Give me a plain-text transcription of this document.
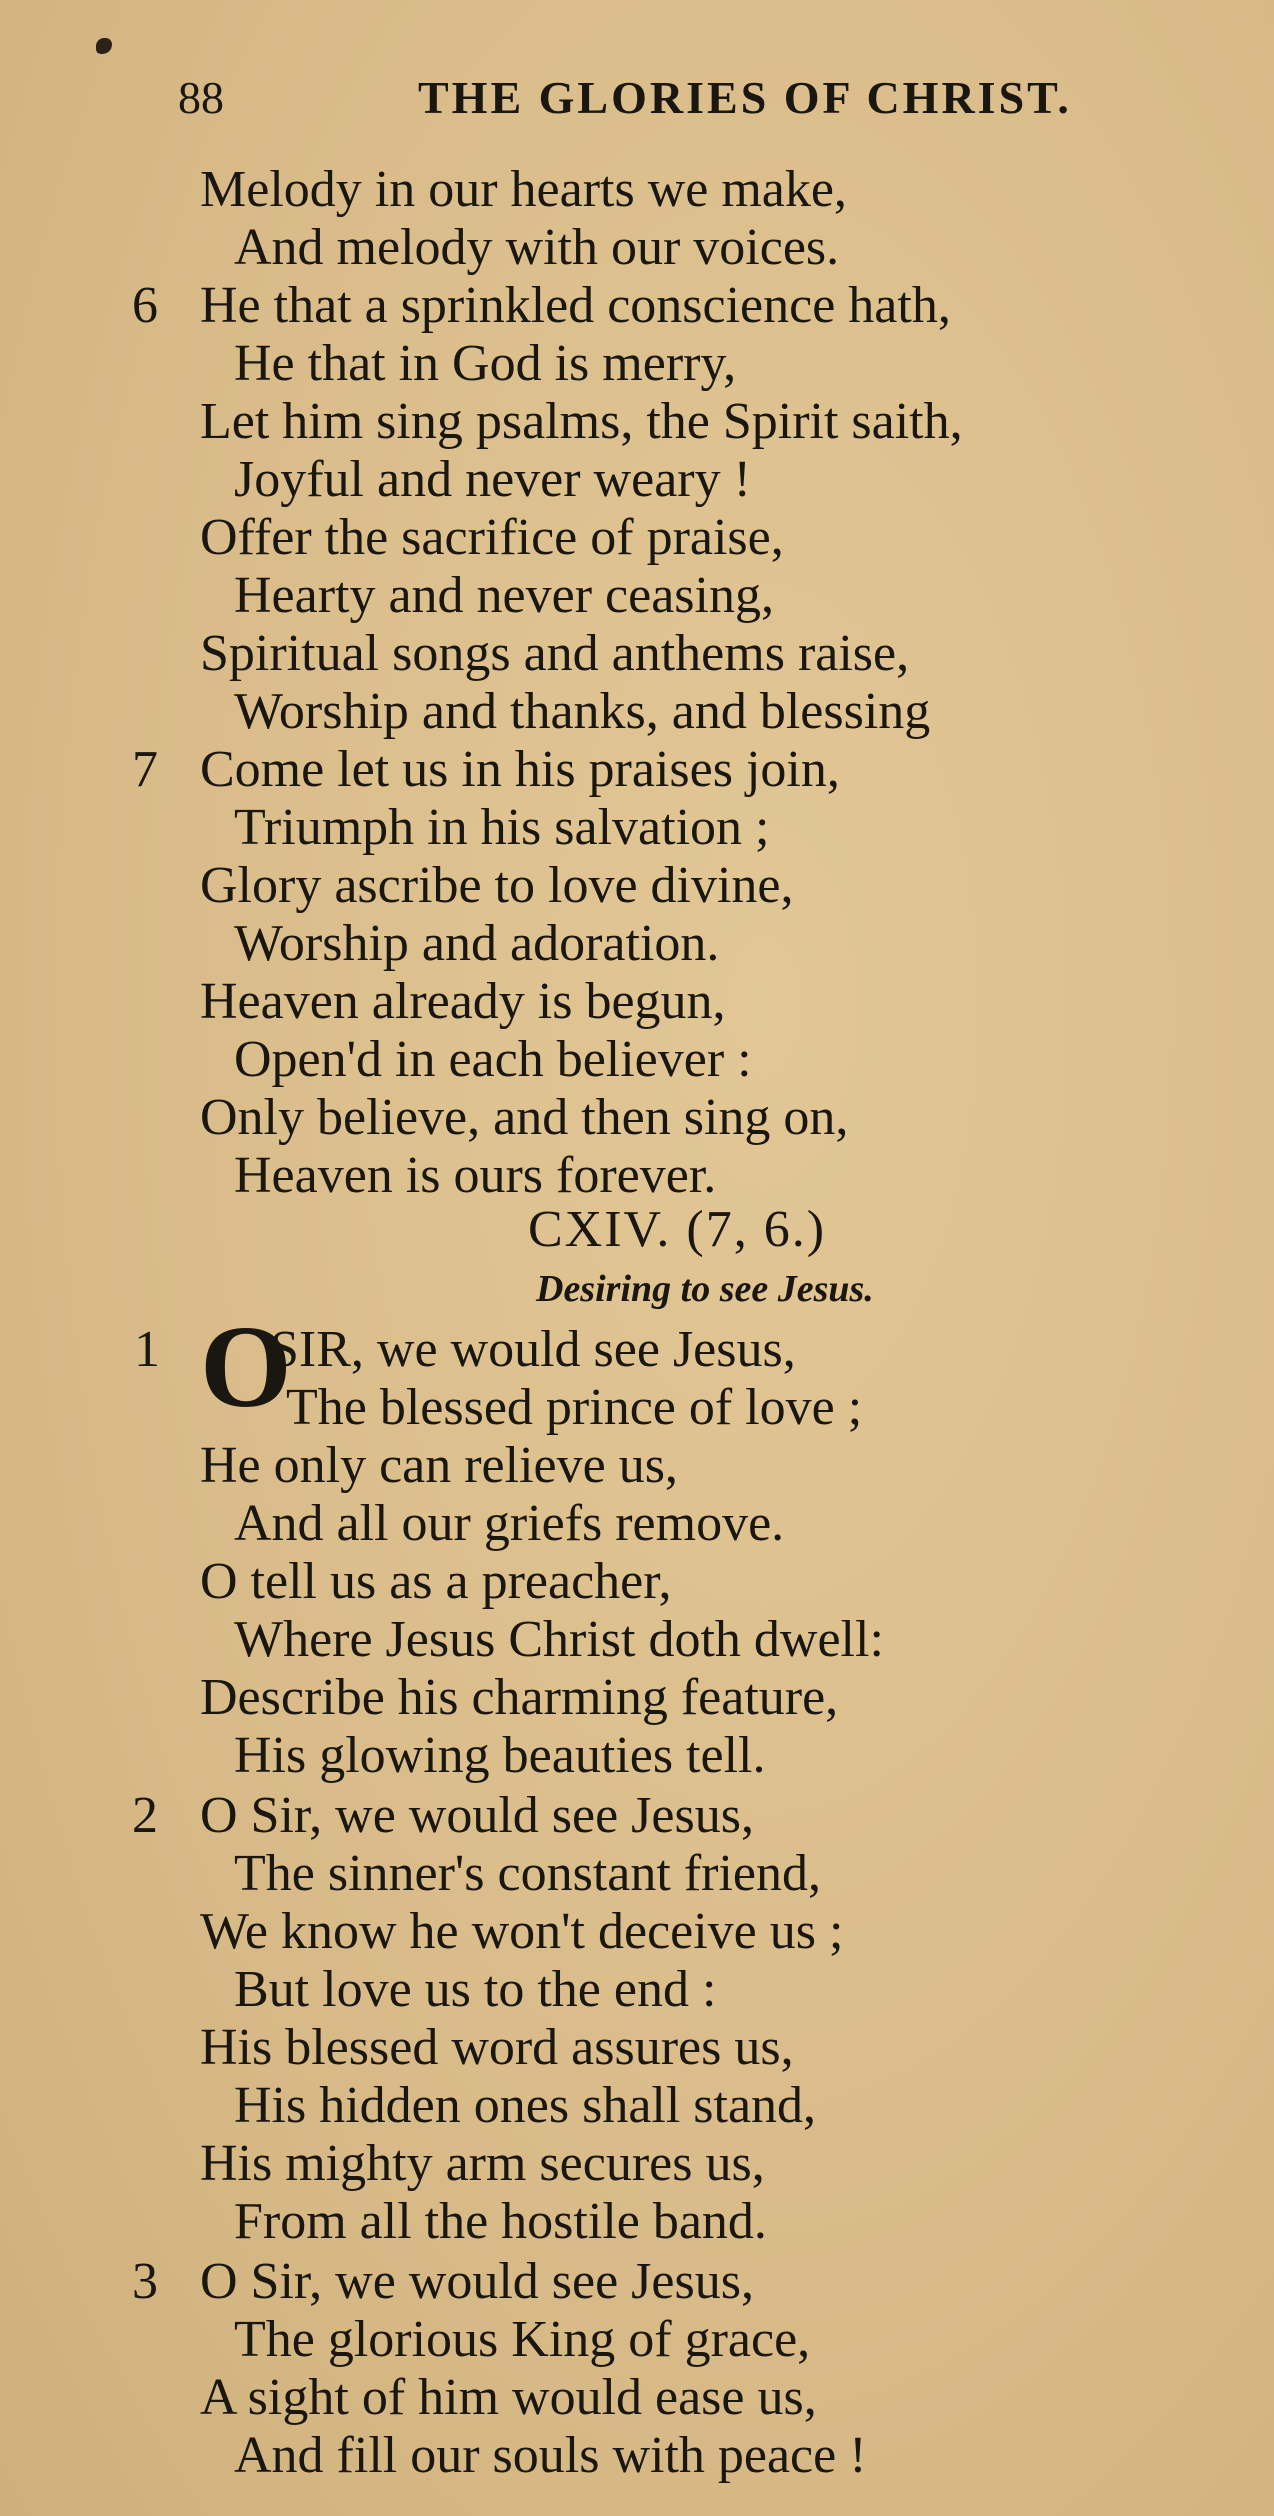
88	THE GLORIES OF CHRIST.
Melody in our hearts we make,
And melody with our voices.
6 He that a sprinkled conscience hath,
He that in God is merry,
Let him sing psalms, the Spirit saith,
Joyful and never weary !
Offer the sacrifice of praise,
Hearty and never ceasing,
Spiritual songs and anthems raise,
Worship and thanks, and blessing
7 Come let us in his praises join,
Triumph in his salvation ;
Glory ascribe to love divine,
Worship and adoration.
Heaven already is begun,
Open'd in each believer :
Only believe, and then sing on,
Heaven is ours forever.
CXIV. (7, 6.)
Desiring to see Jesus.
1 O
SIR, we would see Jesus,
The blessed prince of love ;
He only can relieve us,
And all our griefs remove.
O tell us as a preacher,
Where Jesus Christ doth dwell:
Describe his charming feature,
His glowing beauties tell.
2 O Sir, we would see Jesus,
The sinner's constant friend,
We know he won't deceive us ;
But love us to the end :
His blessed word assures us,
His hidden ones shall stand,
His mighty arm secures us,
From all the hostile band.
3 O Sir, we would see Jesus,
The glorious King of grace,
A sight of him would ease us,
And fill our souls with peace !
